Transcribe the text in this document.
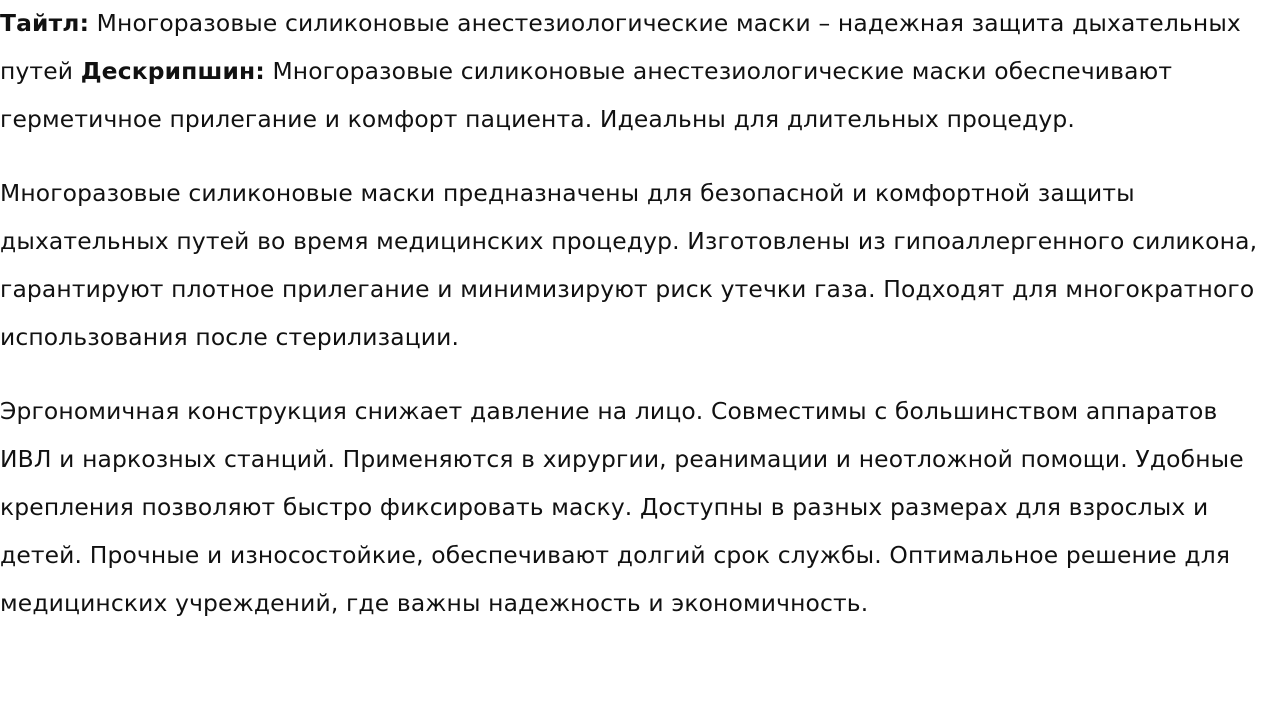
Тайтл: Многоразовые силиконовые анестезиологические маски – надежная защита дыхательных путей Дескрипшин: Многоразовые силиконовые анестезиологические маски обеспечивают герметичное прилегание и комфорт пациента. Идеальны для длительных процедур.

Многоразовые силиконовые маски предназначены для безопасной и комфортной защиты дыхательных путей во время медицинских процедур. Изготовлены из гипоаллергенного силикона, гарантируют плотное прилегание и минимизируют риск утечки газа. Подходят для многократного использования после стерилизации.

Эргономичная конструкция снижает давление на лицо. Совместимы с большинством аппаратов ИВЛ и наркозных станций. Применяются в хирургии, реанимации и неотложной помощи. Удобные крепления позволяют быстро фиксировать маску. Доступны в разных размерах для взрослых и детей. Прочные и износостойкие, обеспечивают долгий срок службы. Оптимальное решение для медицинских учреждений, где важны надежность и экономичность.
